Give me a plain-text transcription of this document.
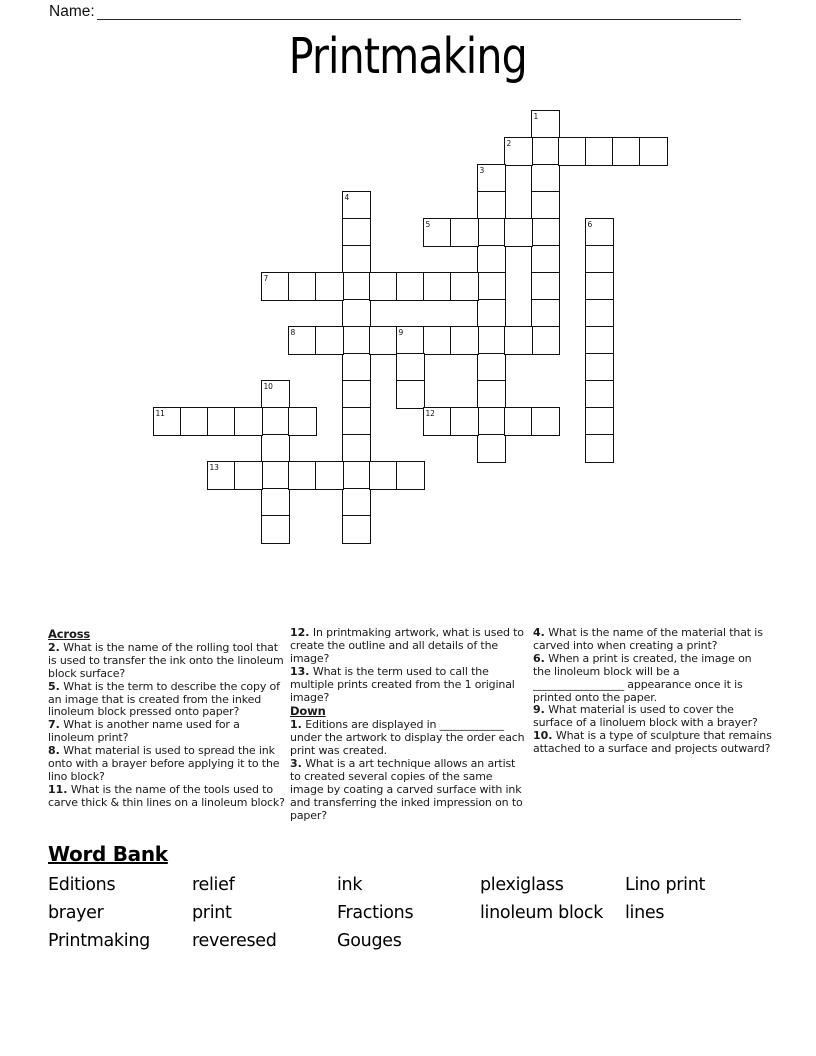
Name:
Printmaking
1
2
3
4
5	6
7
8	9
10
11	12
13
Across

2. What is the name of the rolling tool that is used to transfer the ink onto the linoleum block surface?

5. What is the term to describe the copy of an image that is created from the inked linoleum block pressed onto paper?

7. What is another name used for a linoleum print?

8. What material is used to spread the ink onto with a brayer before applying it to the lino block?

11. What is the name of the tools used to carve thick & thin lines on a linoleum block?

12. In printmaking artwork, what is used to create the outline and all details of the image?

13. What is the term used to call the multiple prints created from the 1 original image?

Down

1. Editions are displayed in ____________ under the artwork to display the order each print was created.

3. What is a art technique allows an artist to created several copies of the same image by coating a carved surface with ink and transferring the inked impression on to paper?

4. What is the name of the material that is carved into when creating a print?

6. When a print is created, the image on the linoleum block will be a _________________ appearance once it is printed onto the paper.

9. What material is used to cover the surface of a linoluem block with a brayer?

10. What is a type of sculpture that remains attached to a surface and projects outward?

Word Bank
Editions	relief	ink	plexiglass	Lino print
brayer	print	Fractions	linoleum block	lines
Printmaking	reveresed	Gouges
